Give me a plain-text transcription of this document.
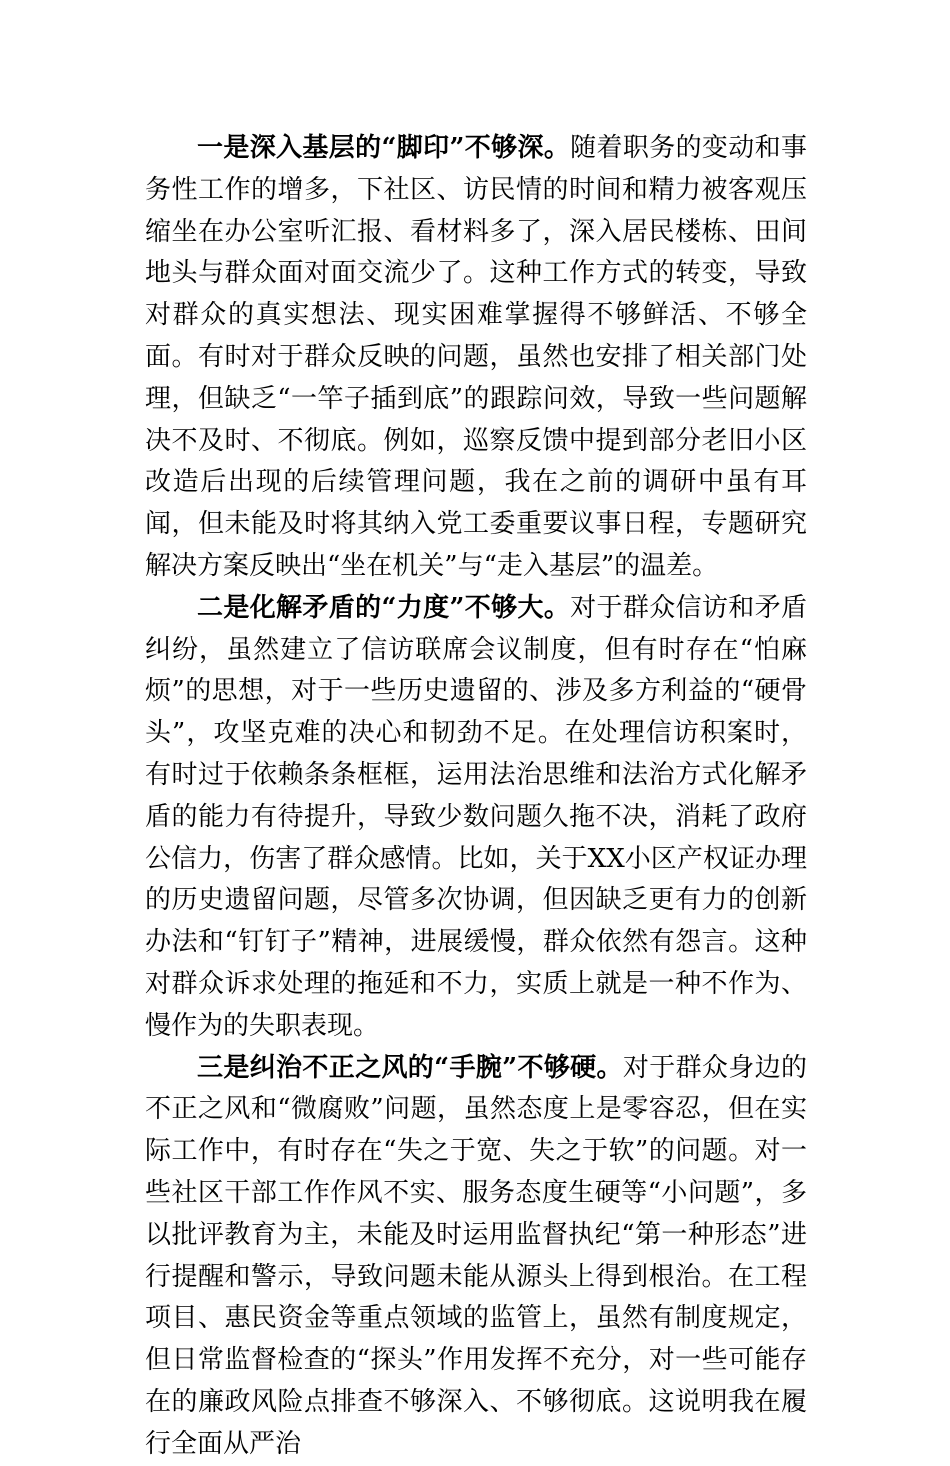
一是深入基层的“脚印”不够深。随着职务的变动和事务性工作的增多，下社区、访民情的时间和精力被客观压缩坐在办公室听汇报、看材料多了，深入居民楼栋、田间地头与群众面对面交流少了。这种工作方式的转变，导致对群众的真实想法、现实困难掌握得不够鲜活、不够全面。有时对于群众反映的问题，虽然也安排了相关部门处理，但缺乏“一竿子插到底”的跟踪问效，导致一些问题解决不及时、不彻底。例如，巡察反馈中提到部分老旧小区改造后出现的后续管理问题，我在之前的调研中虽有耳闻，但未能及时将其纳入党工委重要议事日程，专题研究解决方案反映出“坐在机关”与“走入基层”的温差。

二是化解矛盾的“力度”不够大。对于群众信访和矛盾纠纷，虽然建立了信访联席会议制度，但有时存在“怕麻烦”的思想，对于一些历史遗留的、涉及多方利益的“硬骨头”，攻坚克难的决心和韧劲不足。在处理信访积案时，有时过于依赖条条框框，运用法治思维和法治方式化解矛盾的能力有待提升，导致少数问题久拖不决，消耗了政府公信力，伤害了群众感情。比如，关于XX小区产权证办理的历史遗留问题，尽管多次协调，但因缺乏更有力的创新办法和“钉钉子”精神，进展缓慢，群众依然有怨言。这种对群众诉求处理的拖延和不力，实质上就是一种不作为、慢作为的失职表现。

三是纠治不正之风的“手腕”不够硬。对于群众身边的不正之风和“微腐败”问题，虽然态度上是零容忍，但在实际工作中，有时存在“失之于宽、失之于软”的问题。对一些社区干部工作作风不实、服务态度生硬等“小问题”，多以批评教育为主，未能及时运用监督执纪“第一种形态”进行提醒和警示，导致问题未能从源头上得到根治。在工程项目、惠民资金等重点领域的监管上，虽然有制度规定，但日常监督检查的“探头”作用发挥不充分，对一些可能存在的廉政风险点排查不够深入、不够彻底。这说明我在履行全面从严治
